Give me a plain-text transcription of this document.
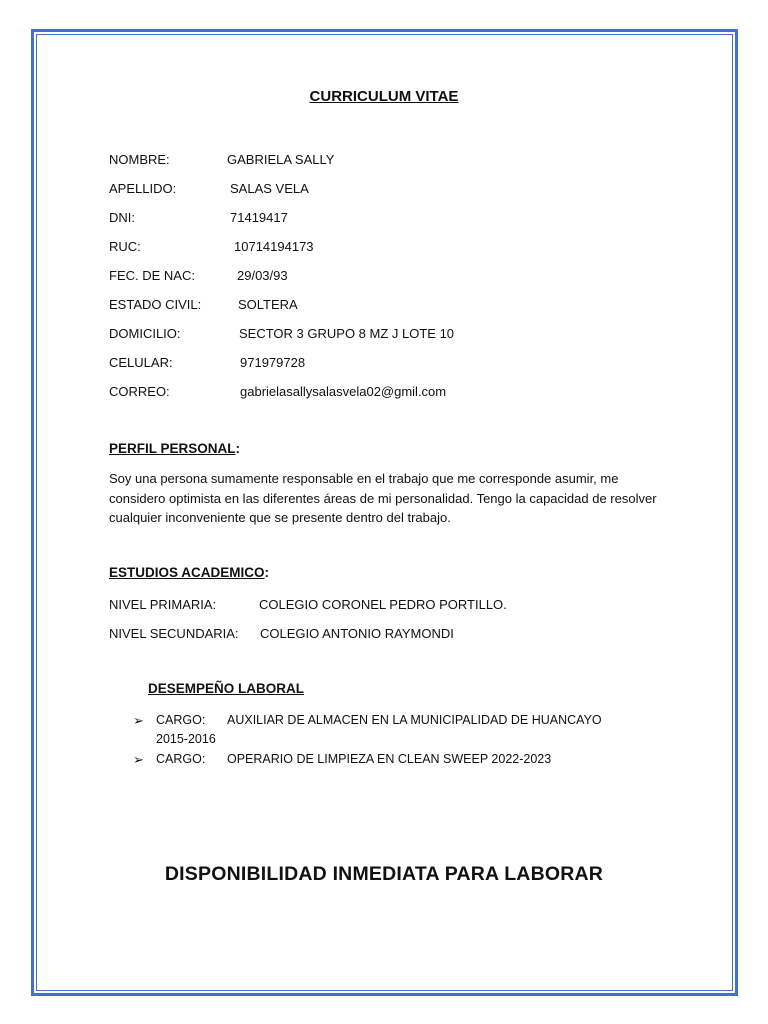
CURRICULUM VITAE
NOMBRE:	GABRIELA SALLY
APELLIDO:	SALAS VELA
DNI:	71419417
RUC:	10714194173
FEC. DE NAC:	29/03/93
ESTADO CIVIL:	SOLTERA
DOMICILIO:	SECTOR 3 GRUPO 8 MZ J LOTE 10
CELULAR:	971979728
CORREO:	gabrielasallysalasvela02@gmil.com
PERFIL PERSONAL:
Soy una persona sumamente responsable en el trabajo que me corresponde asumir, me considero optimista en las diferentes áreas de mi personalidad. Tengo la capacidad de resolver cualquier inconveniente que se presente dentro del trabajo.
ESTUDIOS ACADEMICO:
NIVEL PRIMARIA:	COLEGIO CORONEL PEDRO PORTILLO.
NIVEL SECUNDARIA: COLEGIO ANTONIO RAYMONDI
DESEMPEÑO LABORAL
➢ CARGO: AUXILIAR DE ALMACEN EN LA MUNICIPALIDAD DE HUANCAYO
2015-2016
➢ CARGO: OPERARIO DE LIMPIEZA EN CLEAN SWEEP 2022-2023
DISPONIBILIDAD INMEDIATA PARA LABORAR
